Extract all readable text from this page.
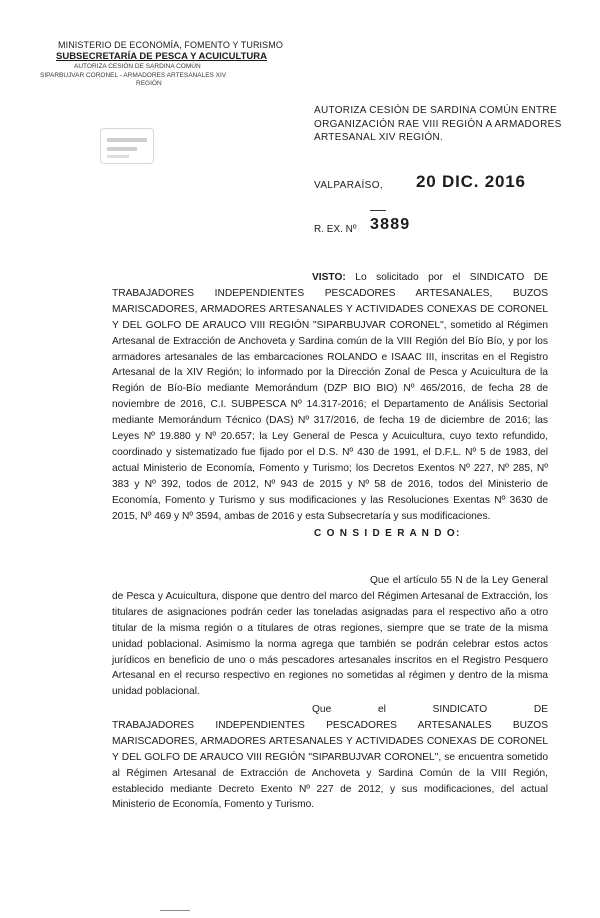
MINISTERIO DE ECONOMÍA, FOMENTO Y TURISMO
SUBSECRETARÍA DE PESCA Y ACUICULTURA
AUTORIZA CESIÓN DE SARDINA COMÚN
SIPARBUJVAR CORONEL - ARMADORES ARTESANALES XIV
REGIÓN
AUTORIZA CESIÓN DE SARDINA COMÚN ENTRE ORGANIZACIÓN RAE VIII REGIÓN A ARMADORES ARTESANAL XIV REGIÓN.
VALPARAÍSO, 20 DIC. 2016
R. EX. Nº 3889
VISTO: Lo solicitado por el SINDICATO DE TRABAJADORES INDEPENDIENTES PESCADORES ARTESANALES, BUZOS MARISCADORES, ARMADORES ARTESANALES Y ACTIVIDADES CONEXAS DE CORONEL Y DEL GOLFO DE ARAUCO VIII REGIÓN "SIPARBUJVAR CORONEL", sometido al Régimen Artesanal de Extracción de Anchoveta y Sardina común de la VIII Región del Bío Bío, y por los armadores artesanales de las embarcaciones ROLANDO e ISAAC III, inscritas en el Registro Artesanal de la XIV Región; lo informado por la Dirección Zonal de Pesca y Acuicultura de la Región de Bío-Bío mediante Memorándum (DZP BIO BIO) Nº 465/2016, de fecha 28 de noviembre de 2016, C.I. SUBPESCA Nº 14.317-2016; el Departamento de Análisis Sectorial mediante Memorándum Técnico (DAS) Nº 317/2016, de fecha 19 de diciembre de 2016; las Leyes Nº 19.880 y Nº 20.657; la Ley General de Pesca y Acuicultura, cuyo texto refundido, coordinado y sistematizado fue fijado por el D.S. Nº 430 de 1991, el D.F.L. Nº 5 de 1983, del actual Ministerio de Economía, Fomento y Turismo; los Decretos Exentos Nº 227, Nº 285, Nº 383 y Nº 392, todos de 2012, Nº 943 de 2015 y Nº 58 de 2016, todos del Ministerio de Economía, Fomento y Turismo y sus modificaciones y las Resoluciones Exentas Nº 3630 de 2015, Nº 469 y Nº 3594, ambas de 2016 y esta Subsecretaría y sus modificaciones.
C O N S I D E R A N D O:
Que el artículo 55 N de la Ley General de Pesca y Acuicultura, dispone que dentro del marco del Régimen Artesanal de Extracción, los titulares de asignaciones podrán ceder las toneladas asignadas para el respectivo año a otro titular de la misma región o a titulares de otras regiones, siempre que se trate de la misma unidad poblacional. Asimismo la norma agrega que también se podrán celebrar estos actos jurídicos en beneficio de uno o más pescadores artesanales inscritos en el Registro Pesquero Artesanal en el recurso respectivo en regiones no sometidas al régimen y dentro de la misma unidad poblacional.
Que el SINDICATO DE TRABAJADORES INDEPENDIENTES PESCADORES ARTESANALES BUZOS MARISCADORES, ARMADORES ARTESANALES Y ACTIVIDADES CONEXAS DE CORONEL Y DEL GOLFO DE ARAUCO VIII REGIÓN "SIPARBUJVAR CORONEL", se encuentra sometido al Régimen Artesanal de Extracción de Anchoveta y Sardina Común de la VIII Región, establecido mediante Decreto Exento Nº 227 de 2012, y sus modificaciones, del actual Ministerio de Economía, Fomento y Turismo.
